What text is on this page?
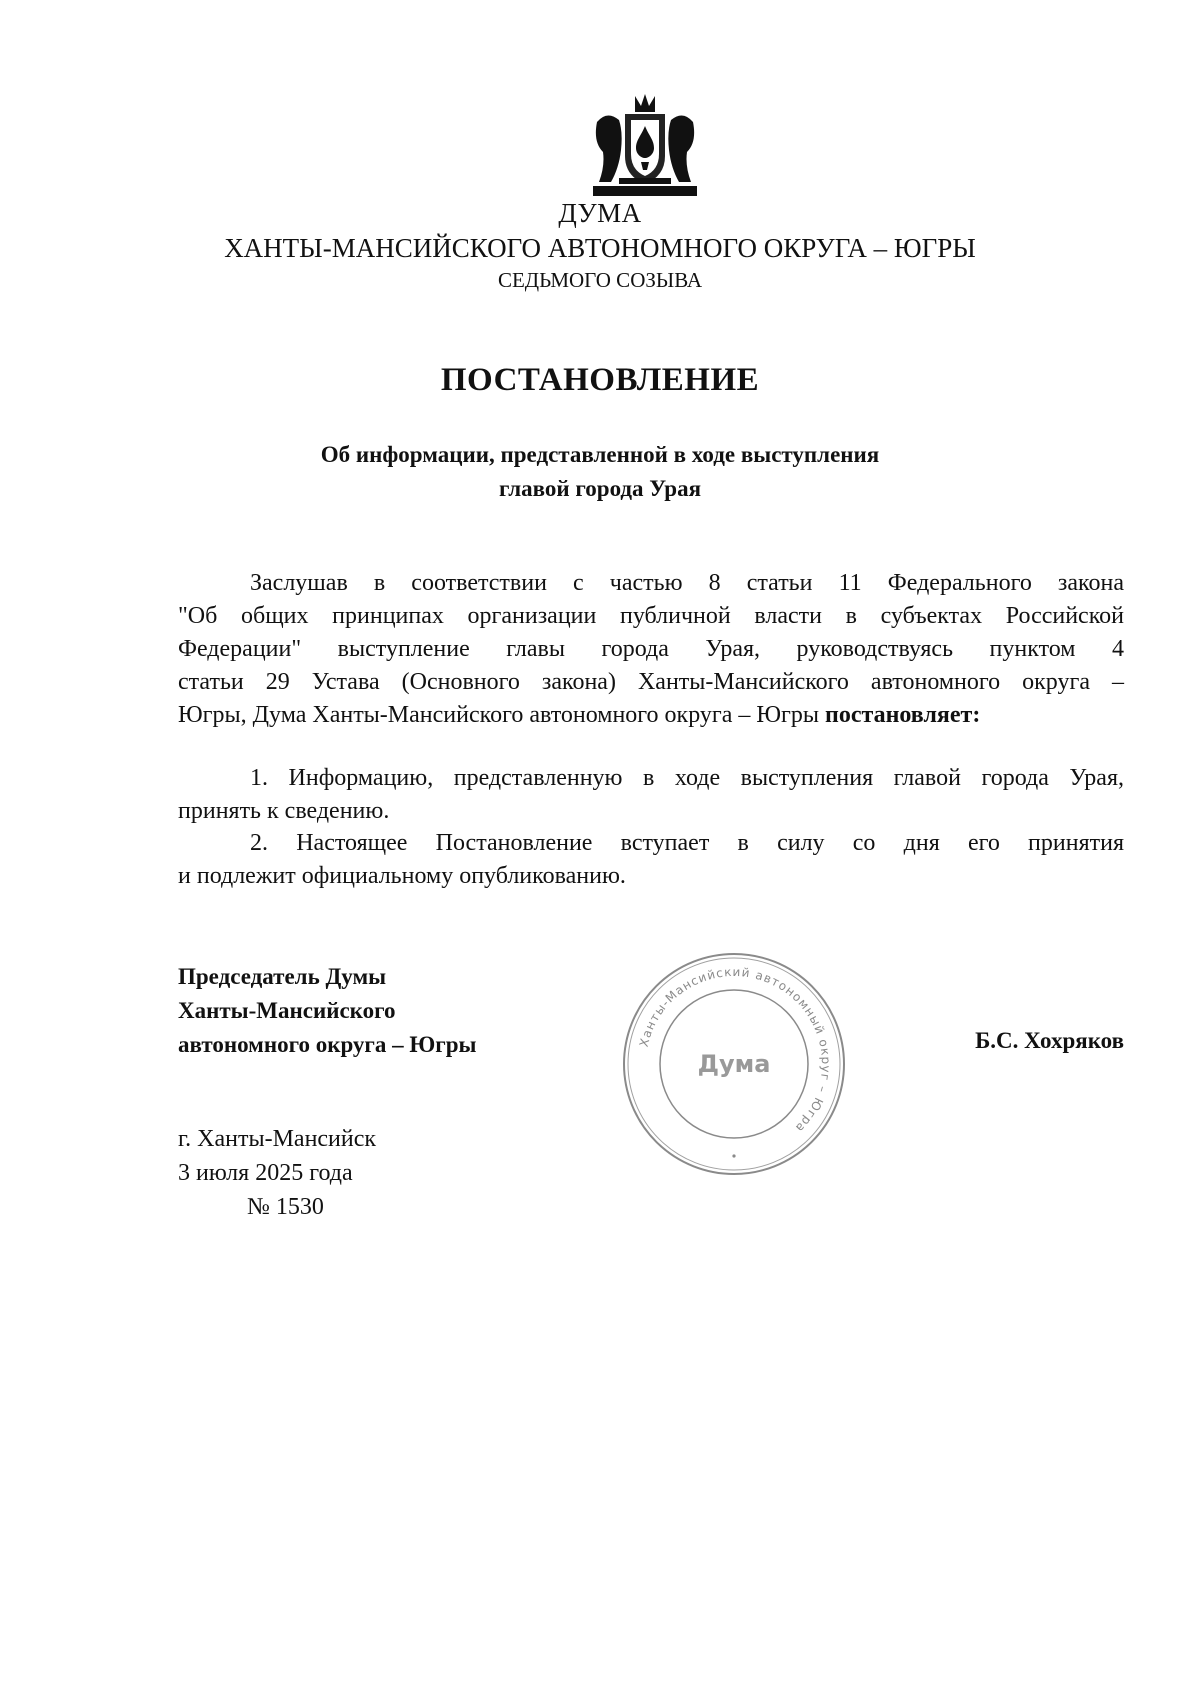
ДУМА
ХАНТЫ-МАНСИЙСКОГО АВТОНОМНОГО ОКРУГА – ЮГРЫ
СЕДЬМОГО СОЗЫВА
ПОСТАНОВЛЕНИЕ
Об информации, представленной в ходе выступления
главой города Урая
Заслушав в соответствии с частью 8 статьи 11 Федерального закона
"Об общих принципах организации публичной власти в субъектах Российской
Федерации" выступление главы города Урая, руководствуясь пунктом 4
статьи 29 Устава (Основного закона) Ханты-Мансийского автономного округа –
Югры, Дума Ханты-Мансийского автономного округа – Югры постановляет:
1. Информацию, представленную в ходе выступления главой города Урая,
принять к сведению.
2. Настоящее Постановление вступает в силу со дня его принятия
и подлежит официальному опубликованию.
Председатель Думы
Ханты-Мансийского
автономного округа – Югры	Ханты-Мансийский автономный округ – Югра
Дума
Б.С. Хохряков
г. Ханты-Мансийск
3 июля 2025 года
№ 1530
